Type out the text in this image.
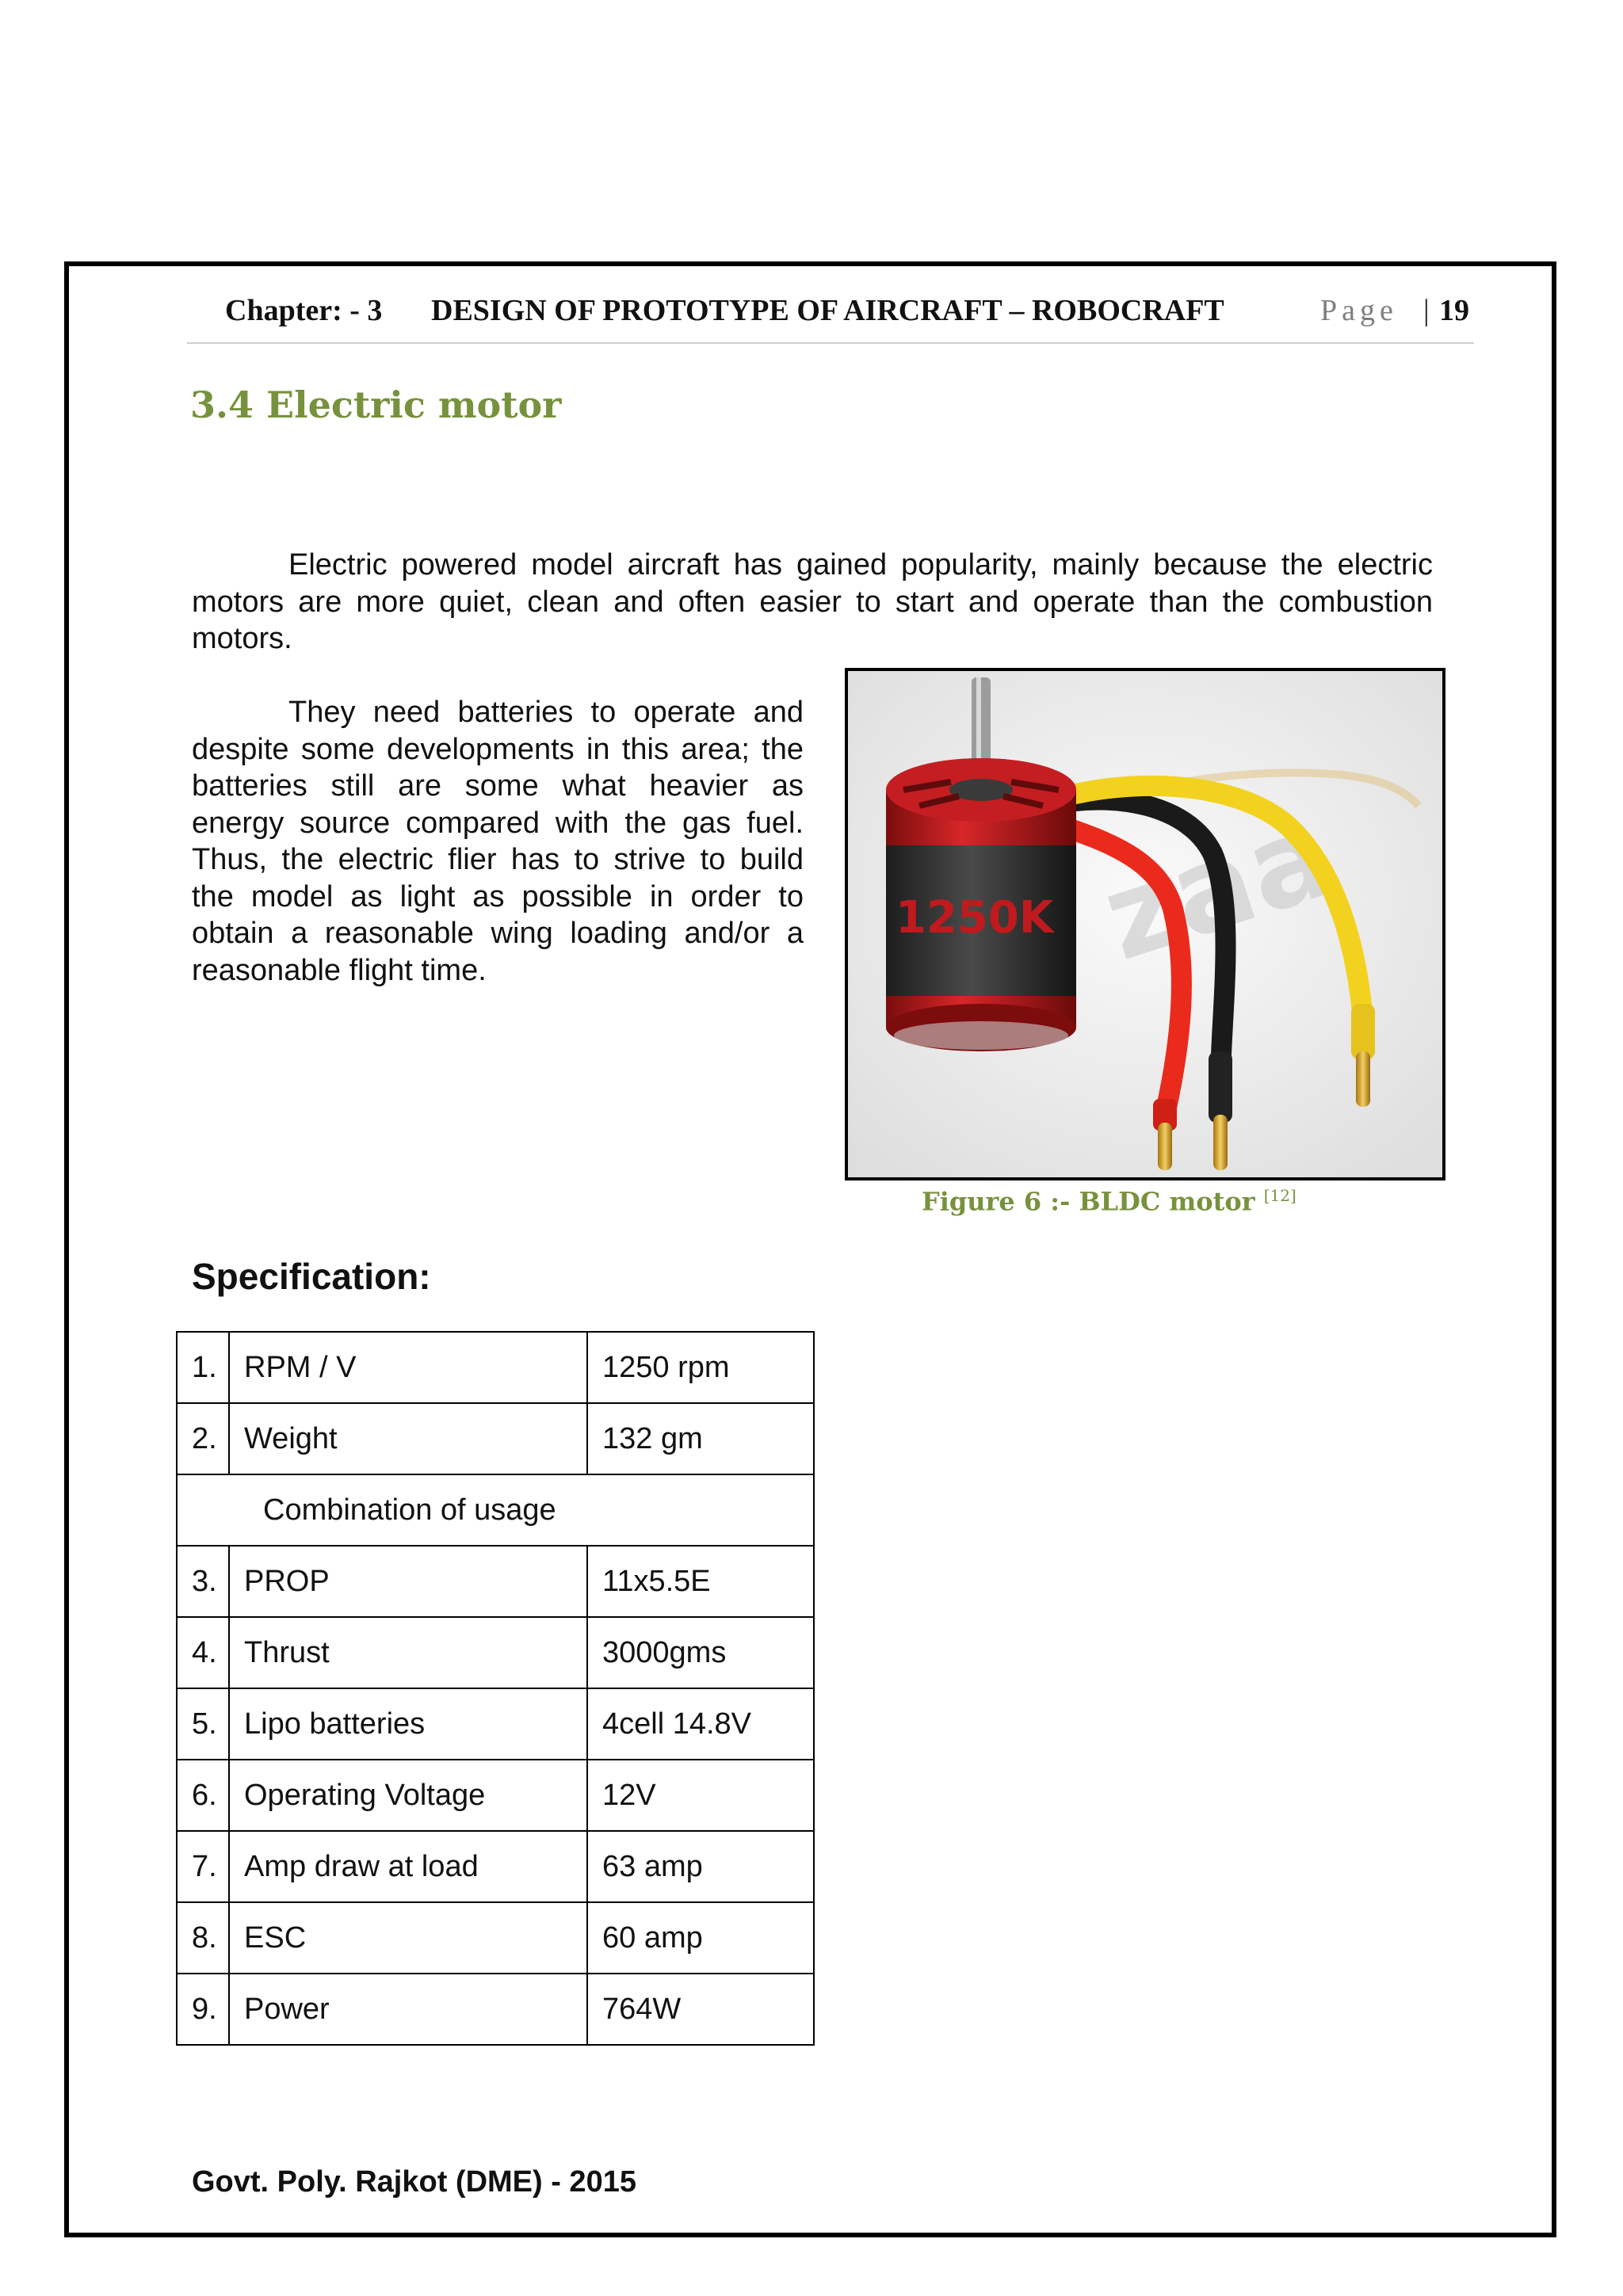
Chapter: - 3 DESIGN OF PROTOTYPE OF AIRCRAFT – ROBOCRAFT	Page | 19
3.4 Electric motor

Electric powered model aircraft has gained popularity, mainly because the electric motors are more quiet, clean and often easier to start and operate than the combustion motors.

They need batteries to operate and despite some developments in this area; the batteries still are some what heavier as energy source compared with the gas fuel. Thus, the electric flier has to strive to build the model as light as possible in order to obtain a reasonable wing loading and/or a reasonable flight time.	zaa
1250K
Figure 6 :- BLDC motor [12]
Specification:
1.	RPM / V	1250 rpm
2.	Weight	132 gm
Combination of usage		
3.	PROP	11x5.5E
4.	Thrust	3000gms
5.	Lipo batteries	4cell 14.8V
6.	Operating Voltage	12V
7.	Amp draw at load	63 amp
8.	ESC	60 amp
9.	Power	764W
Govt. Poly. Rajkot (DME) - 2015
